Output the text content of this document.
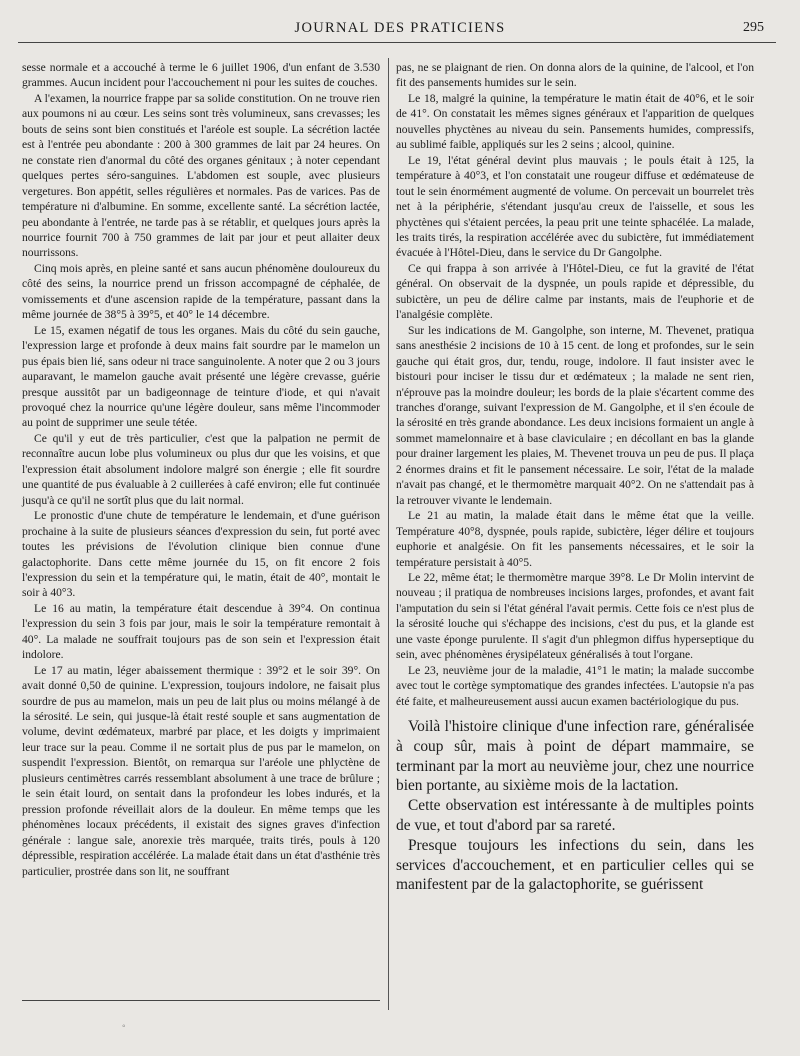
JOURNAL DES PRATICIENS	295

sesse normale et a accouché à terme le 6 juillet 1906, d'un enfant de 3.530 grammes. Aucun incident pour l'accouchement ni pour les suites de couches.

A l'examen, la nourrice frappe par sa solide constitution. On ne trouve rien aux poumons ni au cœur. Les seins sont très volumineux, sans crevasses; les bouts de seins sont bien constitués et l'aréole est souple. La sécrétion lactée est à l'entrée peu abondante : 200 à 300 grammes de lait par 24 heures. On ne constate rien d'anormal du côté des organes génitaux ; à noter cependant quelques pertes séro-sanguines. L'abdomen est souple, avec plusieurs vergetures. Bon appétit, selles régulières et normales. Pas de varices. Pas de température ni d'albumine. En somme, excellente santé. La sécrétion lactée, peu abondante à l'entrée, ne tarde pas à se rétablir, et quelques jours après la nourrice fournit 700 à 750 grammes de lait par jour et peut allaiter deux nourrissons.

Cinq mois après, en pleine santé et sans aucun phénomène douloureux du côté des seins, la nourrice prend un frisson accompagné de céphalée, de vomissements et d'une ascension rapide de la température, passant dans la même journée de 38°5 à 39°5, et 40° le 14 décembre.

Le 15, examen négatif de tous les organes. Mais du côté du sein gauche, l'expression large et profonde à deux mains fait sourdre par le mamelon un pus épais bien lié, sans odeur ni trace sanguinolente. A noter que 2 ou 3 jours auparavant, le mamelon gauche avait présenté une légère crevasse, guérie presque aussitôt par un badigeonnage de teinture d'iode, et qui n'avait provoqué chez la nourrice qu'une légère douleur, sans même l'incommoder au point de supprimer une seule tétée.

Ce qu'il y eut de très particulier, c'est que la palpation ne permit de reconnaître aucun lobe plus volumineux ou plus dur que les voisins, et que l'expression était absolument indolore malgré son énergie ; elle fit sourdre une quantité de pus évaluable à 2 cuillerées à café environ; elle fut continuée jusqu'à ce qu'il ne sortît plus que du lait normal.

Le pronostic d'une chute de température le lendemain, et d'une guérison prochaine à la suite de plusieurs séances d'expression du sein, fut porté avec toutes les prévisions de l'évolution clinique bien connue d'une galactophorite. Dans cette même journée du 15, on fit encore 2 fois l'expression du sein et la température qui, le matin, était de 40°, montait le soir à 40°3.

Le 16 au matin, la température était descendue à 39°4. On continua l'expression du sein 3 fois par jour, mais le soir la température remontait à 40°. La malade ne souffrait toujours pas de son sein et l'expression était indolore.

Le 17 au matin, léger abaissement thermique : 39°2 et le soir 39°. On avait donné 0,50 de quinine. L'expression, toujours indolore, ne faisait plus sourdre de pus au mamelon, mais un peu de lait plus ou moins mélangé à de la sérosité. Le sein, qui jusque-là était resté souple et sans augmentation de volume, devint œdémateux, marbré par place, et les doigts y imprimaient leur trace sur la peau. Comme il ne sortait plus de pus par le mamelon, on suspendit l'expression. Bientôt, on remarqua sur l'aréole une phlyctène de plusieurs centimètres carrés ressemblant absolument à une trace de brûlure ; le sein était lourd, on sentait dans la profondeur les lobes indurés, et la pression profonde réveillait alors de la douleur. En même temps que les phénomènes locaux précédents, il existait des signes graves d'infection générale : langue sale, anorexie très marquée, traits tirés, pouls à 120 dépressible, respiration accélérée. La malade était dans un état d'asthénie très particulier, prostrée dans son lit, ne souffrant

pas, ne se plaignant de rien. On donna alors de la quinine, de l'alcool, et l'on fit des pansements humides sur le sein.

Le 18, malgré la quinine, la température le matin était de 40°6, et le soir de 41°. On constatait les mêmes signes généraux et l'apparition de quelques nouvelles phyctènes au niveau du sein. Pansements humides, compressifs, au sublimé faible, appliqués sur les 2 seins ; alcool, quinine.

Le 19, l'état général devint plus mauvais ; le pouls était à 125, la température à 40°3, et l'on constatait une rougeur diffuse et œdémateuse de tout le sein énormément augmenté de volume. On percevait un bourrelet très net à la périphérie, s'étendant jusqu'au creux de l'aisselle, et sous les phyctènes qui s'étaient percées, la peau prit une teinte sphacélée. La malade, les traits tirés, la respiration accélérée avec du subictère, fut immédiatement évacuée à l'Hôtel-Dieu, dans le service du Dr Gangolphe.

Ce qui frappa à son arrivée à l'Hôtel-Dieu, ce fut la gravité de l'état général. On observait de la dyspnée, un pouls rapide et dépressible, du subictère, un peu de délire calme par instants, mais de l'euphorie et de l'analgésie complète.

Sur les indications de M. Gangolphe, son interne, M. Thevenet, pratiqua sans anesthésie 2 incisions de 10 à 15 cent. de long et profondes, sur le sein gauche qui était gros, dur, tendu, rouge, indolore. Il faut insister avec le bistouri pour inciser le tissu dur et œdémateux ; la malade ne sent rien, n'éprouve pas la moindre douleur; les bords de la plaie s'écartent comme des tranches d'orange, suivant l'expression de M. Gangolphe, et il s'en écoule de la sérosité en très grande abondance. Les deux incisions formaient un angle à sommet mamelonnaire et à base claviculaire ; en décollant en bas la glande pour drainer largement les plaies, M. Thevenet trouva un peu de pus. Il plaça 2 énormes drains et fit le pansement nécessaire. Le soir, l'état de la malade n'avait pas changé, et le thermomètre marquait 40°2. On ne s'attendait pas à la retrouver vivante le lendemain.

Le 21 au matin, la malade était dans le même état que la veille. Température 40°8, dyspnée, pouls rapide, subictère, léger délire et toujours euphorie et analgésie. On fit les pansements nécessaires, et le soir la température persistait à 40°5.

Le 22, même état; le thermomètre marque 39°8. Le Dr Molin intervint de nouveau ; il pratiqua de nombreuses incisions larges, profondes, et avant fait l'amputation du sein si l'état général l'avait permis. Cette fois ce n'est plus de la sérosité louche qui s'échappe des incisions, c'est du pus, et la glande est une vaste éponge purulente. Il s'agit d'un phlegmon diffus hyperseptique du sein, avec phénomènes érysipélateux généralisés à tout l'organe.

Le 23, neuvième jour de la maladie, 41°1 le matin; la malade succombe avec tout le cortège symptomatique des grandes infectées. L'autopsie n'a pas été faite, et malheureusement aussi aucun examen bactériologique du pus.

Voilà l'histoire clinique d'une infection rare, généralisée à coup sûr, mais à point de départ mammaire, se terminant par la mort au neuvième jour, chez une nourrice bien portante, au sixième mois de la lactation.

Cette observation est intéressante à de multiples points de vue, et tout d'abord par sa rareté.

Presque toujours les infections du sein, dans les services d'accouchement, et en particulier celles qui se manifestent par de la galactophorite, se guérissent

◦
